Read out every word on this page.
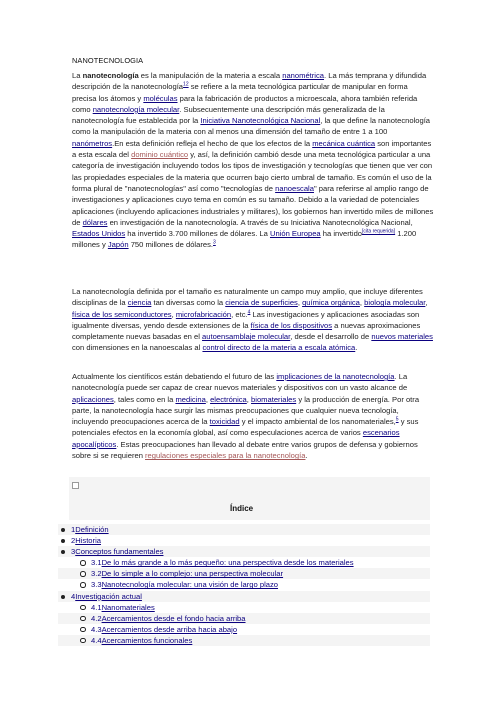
NANOTECNOLOGIA
La nanotecnología es la manipulación de la materia a escala nanométrica. La más temprana y difundida descripción de la nanotecnología$^{12}$ se refiere a la meta tecnológica particular de manipular en forma precisa los átomos y moléculas para la fabricación de productos a microescala, ahora también referida como nanotecnología molecular. Subsecuentemente una descripción más generalizada de la nanotecnología fue establecida por la Iniciativa Nanotecnológica Nacional, la que define la nanotecnología como la manipulación de la materia con al menos una dimensión del tamaño de entre 1 a 100 nanómetros.En esta definición refleja el hecho de que los efectos de la mecánica cuántica son importantes a esta escala del dominio cuántico y, así, la definición cambió desde una meta tecnológica particular a una categoría de investigación incluyendo todos los tipos de investigación y tecnologías que tienen que ver con las propiedades especiales de la materia que ocurren bajo cierto umbral de tamaño. Es común el uso de la forma plural de "nanotecnologías" así como "tecnologías de nanoescala" para referirse al amplio rango de investigaciones y aplicaciones cuyo tema en común es su tamaño. Debido a la variedad de potenciales aplicaciones (incluyendo aplicaciones industriales y militares), los gobiernos han invertido miles de millones de dólares en investigación de la nanotecnología. A través de su Iniciativa Nanotecnológica Nacional, Estados Unidos ha invertido 3.700 millones de dólares. La Unión Europea ha invertido[cita requerida] 1.200 millones y Japón 750 millones de dólares.$^3$
La nanotecnología definida por el tamaño es naturalmente un campo muy amplio, que incluye diferentes disciplinas de la ciencia tan diversas como la ciencia de superficies, química orgánica, biología molecular, física de los semiconductores, microfabricación, etc.$^4$ Las investigaciones y aplicaciones asociadas son igualmente diversas, yendo desde extensiones de la física de los dispositivos a nuevas aproximaciones completamente nuevas basadas en el autoensamblaje molecular, desde el desarrollo de nuevos materiales con dimensiones en la nanoescalas al control directo de la materia a escala atómica.
Actualmente los científicos están debatiendo el futuro de las implicaciones de la nanotecnología. La nanotecnología puede ser capaz de crear nuevos materiales y dispositivos con un vasto alcance de aplicaciones, tales como en la medicina, electrónica, biomateriales y la producción de energía. Por otra parte, la nanotecnología hace surgir las mismas preocupaciones que cualquier nueva tecnología, incluyendo preocupaciones acerca de la toxicidad y el impacto ambiental de los nanomateriales,$^5$ y sus potenciales efectos en la economía global, así como especulaciones acerca de varios escenarios apocalípticos. Estas preocupaciones han llevado al debate entre varios grupos de defensa y gobiernos sobre si se requieren regulaciones especiales para la nanotecnología.
Índice
1Definición
2Historia
3Conceptos fundamentales
3.1De lo más grande a lo más pequeño: una perspectiva desde los materiales
3.2De lo simple a lo complejo: una perspectiva molecular
3.3Nanotecnología molecular: una visión de largo plazo
4Investigación actual
4.1Nanomateriales
4.2Acercamientos desde el fondo hacia arriba
4.3Acercamientos desde arriba hacia abajo
4.4Acercamientos funcionales
